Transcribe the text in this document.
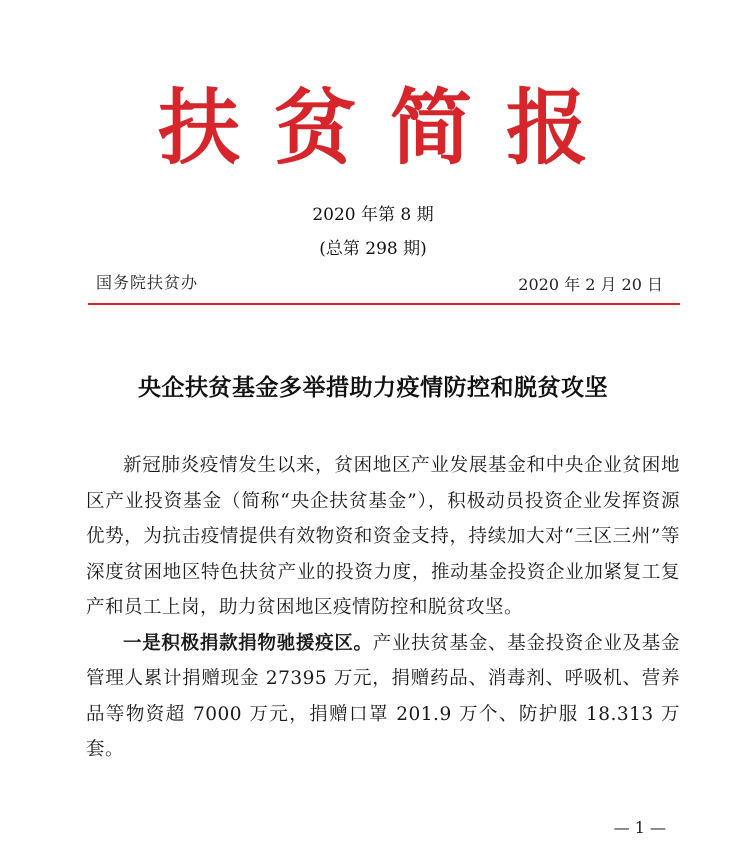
扶贫简报
2020 年第 8 期
(总第 298 期)
国务院扶贫办	2020 年 2 月 20 日
央企扶贫基金多举措助力疫情防控和脱贫攻坚

新冠肺炎疫情发生以来，贫困地区产业发展基金和中央企业贫困地区产业投资基金（简称“央企扶贫基金”），积极动员投资企业发挥资源优势，为抗击疫情提供有效物资和资金支持，持续加大对“三区三州”等深度贫困地区特色扶贫产业的投资力度，推动基金投资企业加紧复工复产和员工上岗，助力贫困地区疫情防控和脱贫攻坚。

一是积极捐款捐物驰援疫区。产业扶贫基金、基金投资企业及基金管理人累计捐赠现金 27395 万元，捐赠药品、消毒剂、呼吸机、营养品等物资超 7000 万元，捐赠口罩 201.9 万个、防护服 18.313 万套。

— 1 —
